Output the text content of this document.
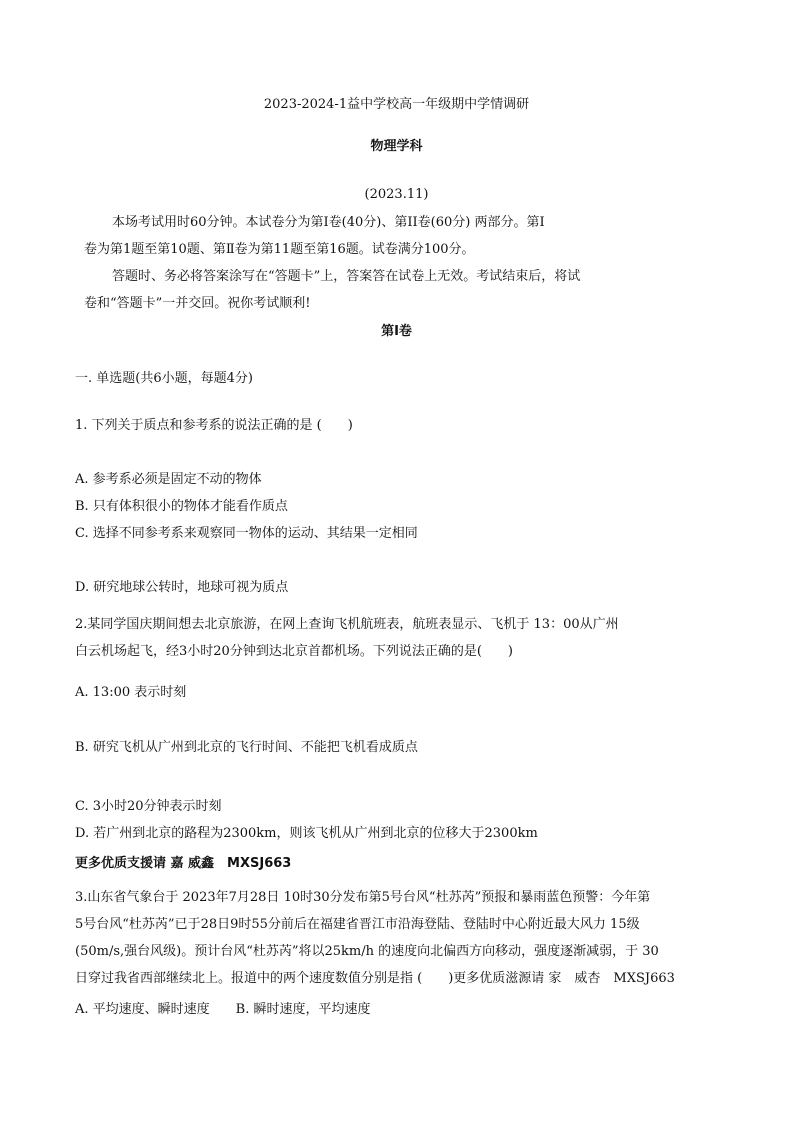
2023-2024-1益中学校高一年级期中学情调研
物理学科
(2023.11)
本场考试用时60分钟。本试卷分为第Ⅰ卷(40分)、第II卷(60分) 两部分。第Ⅰ
卷为第1题至第10题、第Ⅱ卷为第11题至第16题。试卷满分100分。
答题时、务必将答案涂写在“答题卡”上，答案答在试卷上无效。考试结束后，将试
卷和“答题卡”一并交回。祝你考试顺利!
第Ⅰ卷
一. 单选题(共6小题，每题4分)
1. 下列关于质点和参考系的说法正确的是 (　　)
A. 参考系必须是固定不动的物体
B. 只有体积很小的物体才能看作质点
C. 选择不同参考系来观察同一物体的运动、其结果一定相同
D. 研究地球公转时，地球可视为质点
2.某同学国庆期间想去北京旅游，在网上查询飞机航班表，航班表显示、飞机于 13：00从广州
白云机场起飞，经3小时20分钟到达北京首都机场。下列说法正确的是(　　)
A. 13:00 表示时刻
B. 研究飞机从广州到北京的飞行时间、不能把飞机看成质点
C. 3小时20分钟表示时刻
D. 若广州到北京的路程为2300km，则该飞机从广州到北京的位移大于2300km
更多优质支援请 嘉 威鑫　MXSJ663
3.山东省气象台于 2023年7月28日 10时30分发布第5号台风“杜苏芮”预报和暴雨蓝色预警：今年第
5号台风“杜苏芮”已于28日9时55分前后在福建省晋江市沿海登陆、登陆时中心附近最大风力 15级
(50m/s,强台风级)。预计台风“杜苏芮”将以25km/h 的速度向北偏西方向移动，强度逐渐减弱，于 30
日穿过我省西部继续北上。报道中的两个速度数值分别是指 (　　)更多优质滋源请 家　威杏　MXSJ663
A. 平均速度、瞬时速度　　B. 瞬时速度，平均速度
